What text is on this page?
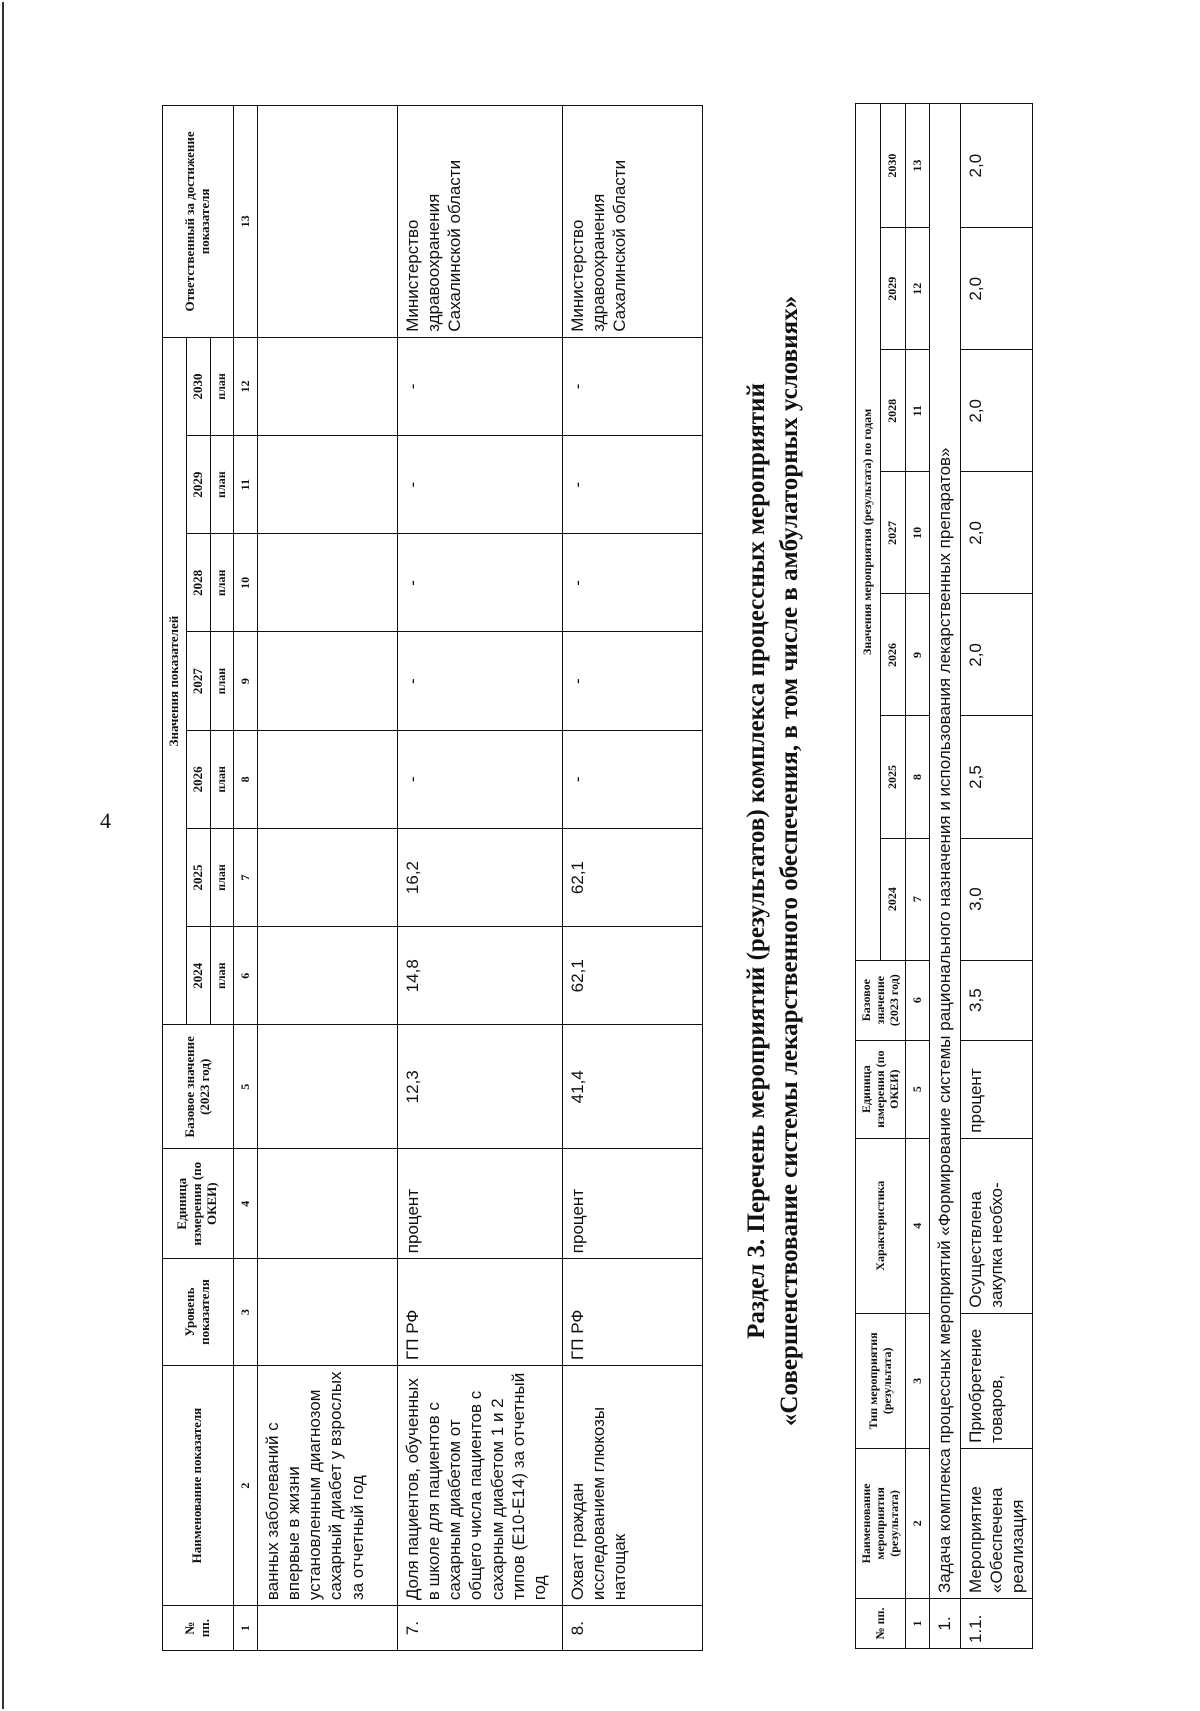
4
№ пп.	Наименование показателя	Уровень показателя	Единица измерения (по ОКЕИ)	Базовое значение (2023 год)	Значения показателей							Ответственный за достижение показателя
					2024	2025	2026	2027	2028	2029	2030	
					план	план	план	план	план	план	план	
1	2	3	4	5	6	7	8	9	10	11	12	13
	ванных заболеваний с впервые в жизни установленным диагнозом сахарный диабет у взрослых за отчетный год											
7.	Доля пациентов, обученных в школе для пациентов с сахарным диабетом от общего числа пациентов с сахарным диабетом 1 и 2 типов (E10-E14) за отчетный год	ГП РФ	процент	12,3	14,8	16,2	-	-	-	-	-	Министерство здравоохранения Сахалинской области
8.	Охват граждан исследованием глюкозы натощак	ГП РФ	процент	41,4	62,1	62,1	-	-	-	-	-	Министерство здравоохранения Сахалинской области
Раздел 3. Перечень мероприятий (результатов) комплекса процессных мероприятий «Совершенствование системы лекарственного обеспечения, в том числе в амбулаторных условиях»
№ пп.	Наименование мероприятия (результата)	Тип мероприятия (результата)	Характеристика	Единица измерения (по ОКЕИ)	Базовое значение (2023 год)	Значения мероприятия (результата) по годам						
						2024	2025	2026	2027	2028	2029	2030
1	2	3	4	5	6	7	8	9	10	11	12	13
1.	Задача комплекса процессных мероприятий «Формирование системы рационального назначения и использования лекарственных препаратов»											
1.1.	Мероприятие «Обеспечена реализация	Приобретение товаров,	Осуществлена закупка необхо-	процент	3,5	3,0	2,5	2,0	2,0	2,0	2,0	2,0
